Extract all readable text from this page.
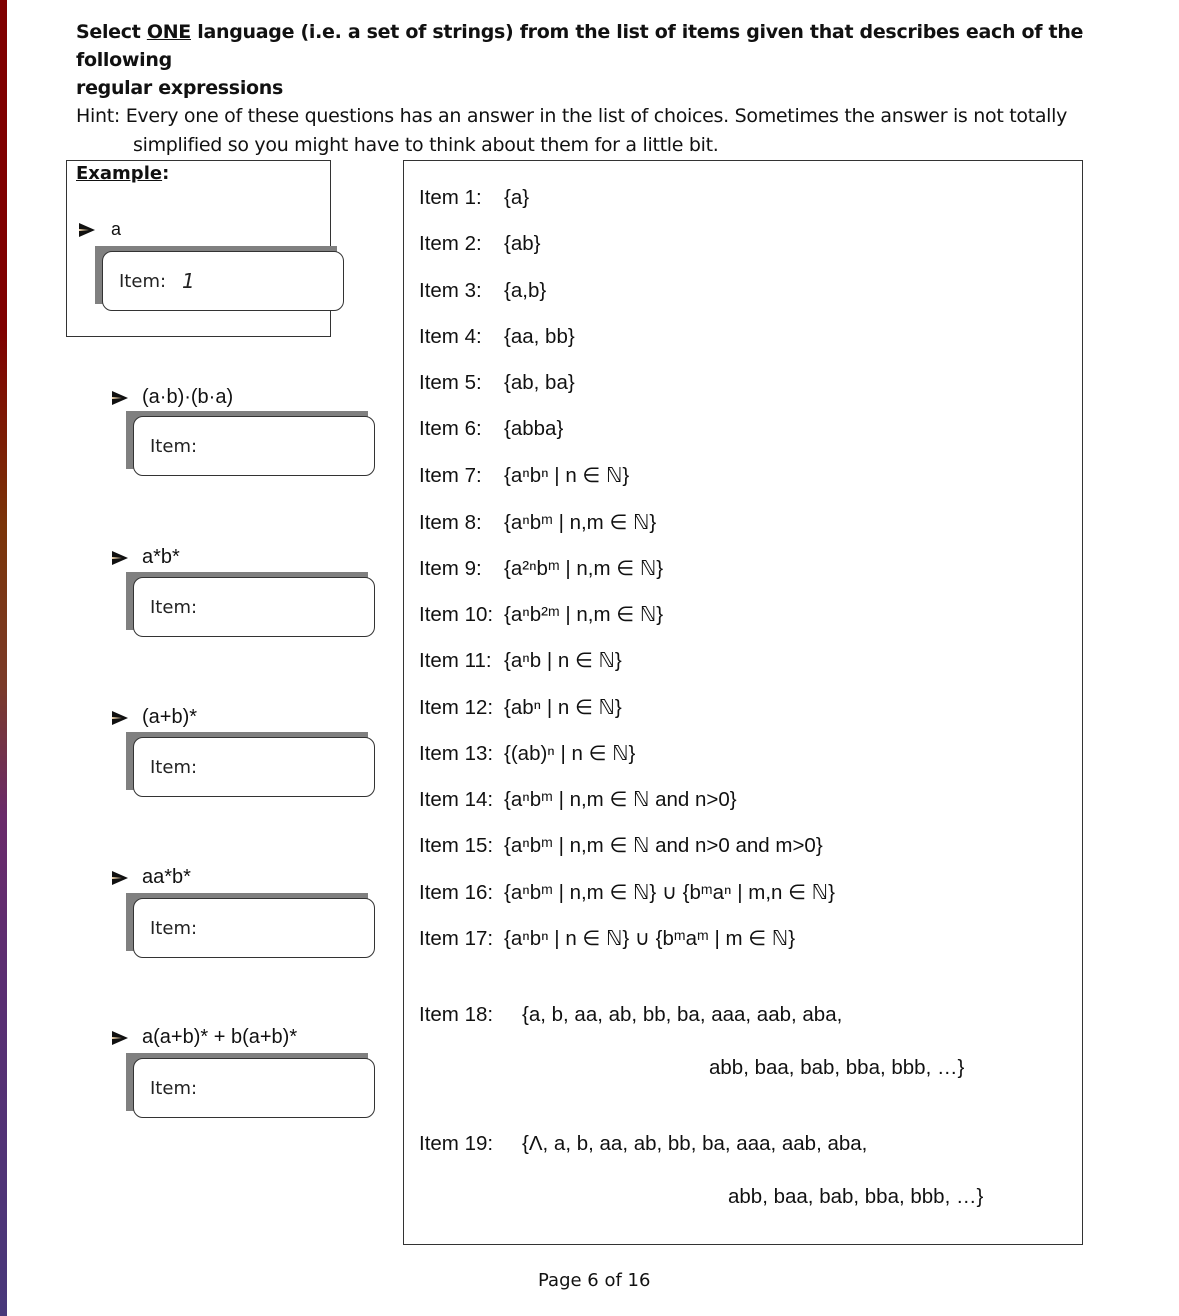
Select ONE language (i.e. a set of strings) from the list of items given that describes each of the following
regular expressions
Hint: Every one of these questions has an answer in the list of choices. Sometimes the answer is not totally
simplified so you might have to think about them for a little bit.
Example:
a
Item: 1
(a·b)·(b·a)
Item:
a*b*
Item:
(a+b)*
Item:
aa*b*
Item:
a(a+b)* + b(a+b)*
Item:
Item 1: {a}
Item 2: {ab}
Item 3: {a,b}
Item 4: {aa, bb}
Item 5: {ab, ba}
Item 6: {abba}
Item 7: {aⁿbⁿ | n ∈ ℕ}
Item 8: {aⁿbᵐ | n,m ∈ ℕ}
Item 9: {a²ⁿbᵐ | n,m ∈ ℕ}
Item 10: {aⁿb²ᵐ | n,m ∈ ℕ}
Item 11: {aⁿb | n ∈ ℕ}
Item 12: {abⁿ | n ∈ ℕ}
Item 13: {(ab)ⁿ | n ∈ ℕ}
Item 14: {aⁿbᵐ | n,m ∈ ℕ and n>0}
Item 15: {aⁿbᵐ | n,m ∈ ℕ and n>0 and m>0}
Item 16: {aⁿbᵐ | n,m ∈ ℕ} ∪ {bᵐaⁿ | m,n ∈ ℕ}
Item 17: {aⁿbⁿ | n ∈ ℕ} ∪ {bᵐaᵐ | m ∈ ℕ}
Item 18: {a, b, aa, ab, bb, ba, aaa, aab, aba,
abb, baa, bab, bba, bbb, …}
Item 19: {Λ, a, b, aa, ab, bb, ba, aaa, aab, aba,
abb, baa, bab, bba, bbb, …}
Page 6 of 16
